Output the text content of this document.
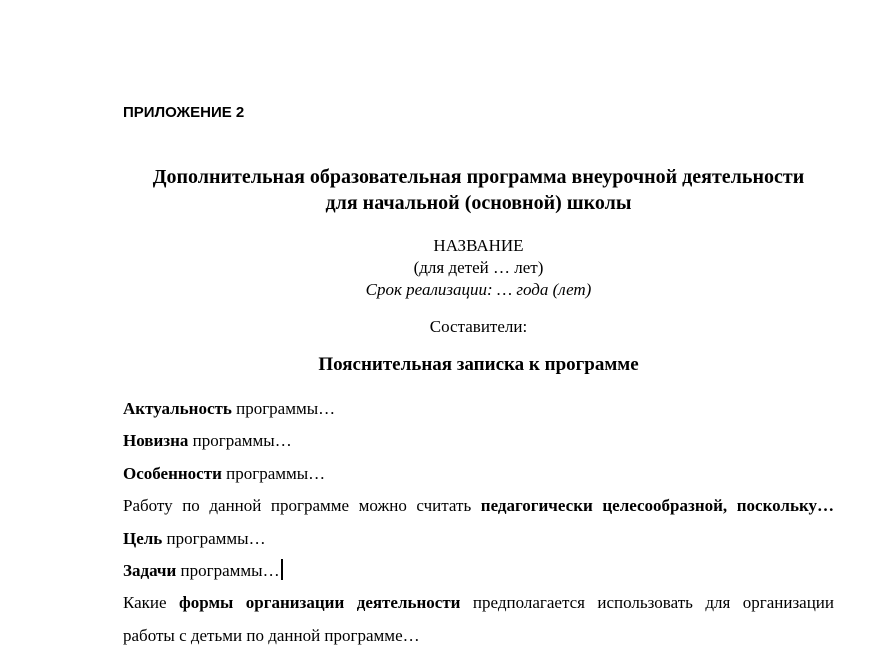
ПРИЛОЖЕНИЕ 2
Дополнительная образовательная программа внеурочной деятельности
для начальной (основной) школы
НАЗВАНИЕ
(для детей … лет)
Срок реализации: … года (лет)
Составители:
Пояснительная записка к программе
Актуальность программы…
Новизна программы…
Особенности программы…
Работу по данной программе можно считать педагогически целесообразной, поскольку…
Цель программы…
Задачи программы…
Какие формы организации деятельности предполагается использовать для организации
работы с детьми по данной программе…
